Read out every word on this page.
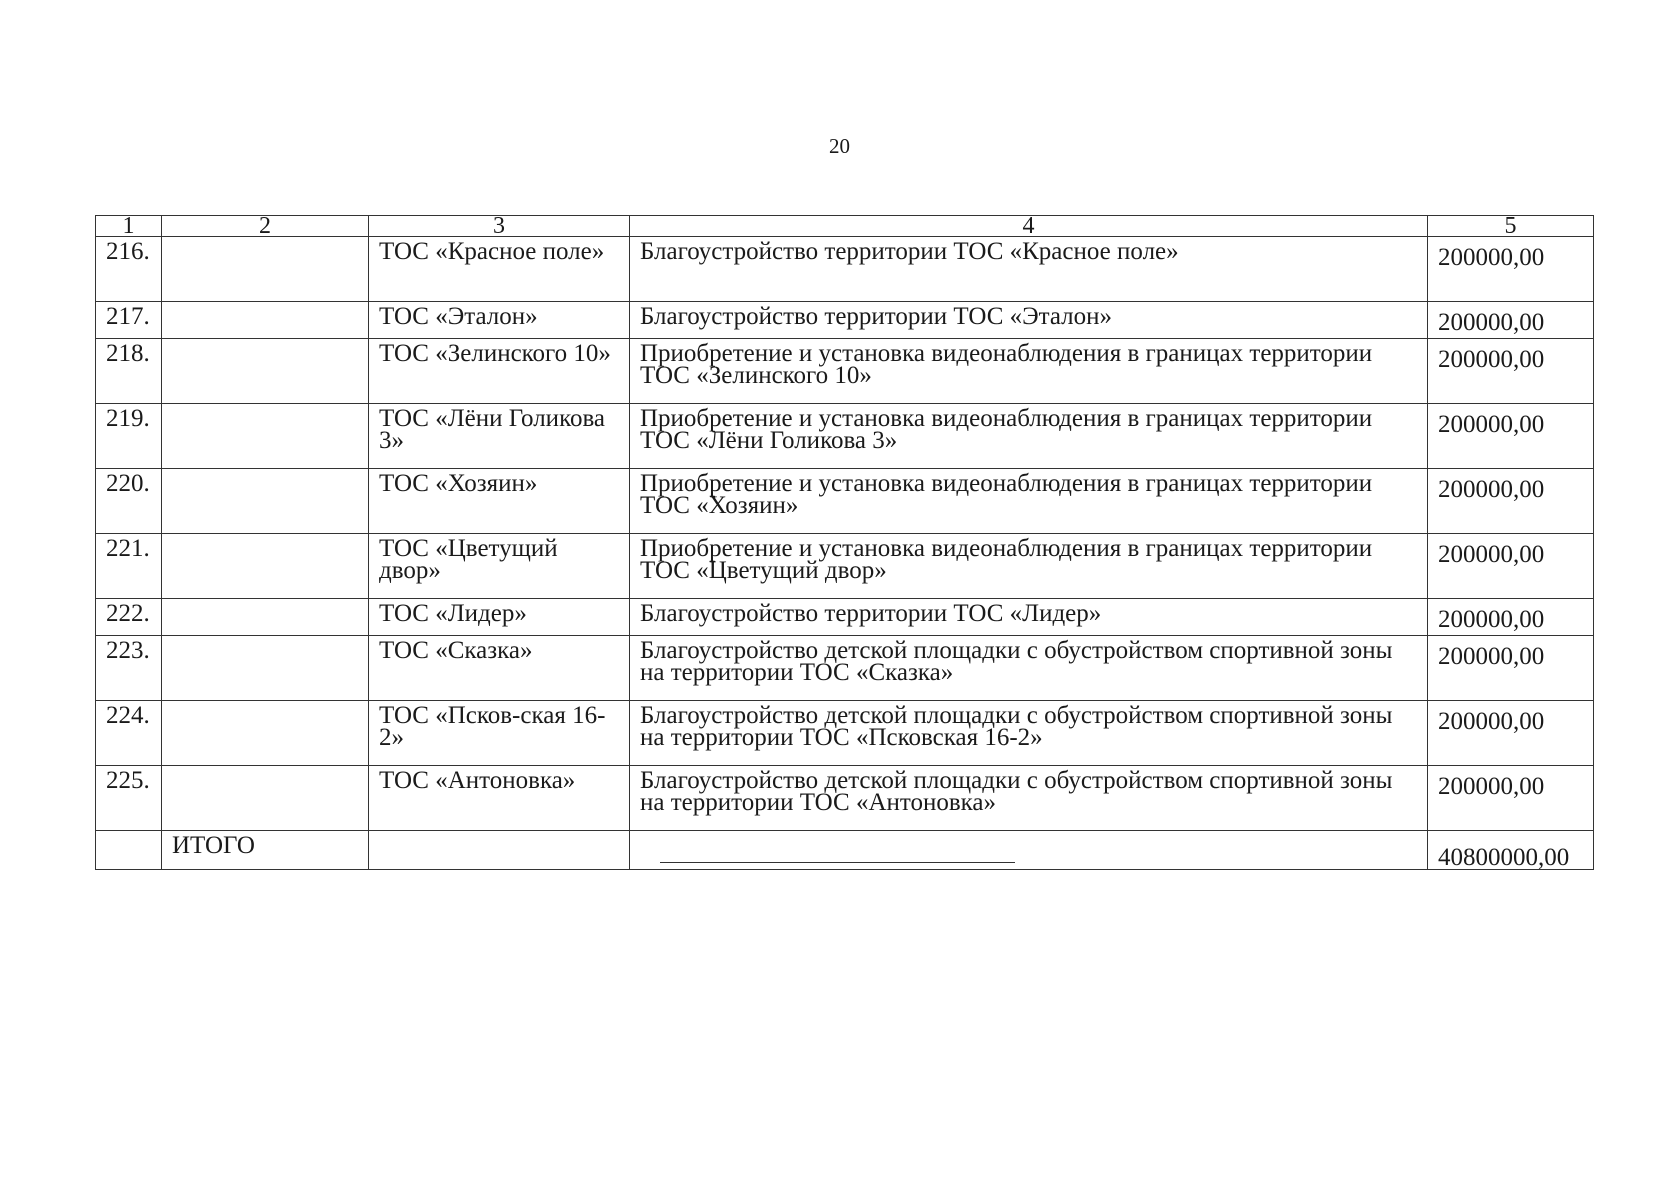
20
1	2	3	4	5
216.		ТОС «Красное поле»	Благоустройство территории ТОС «Красное поле»	200000,00
217.		ТОС «Эталон»	Благоустройство территории ТОС «Эталон»	200000,00
218.		ТОС «Зелинского 10»	Приобретение и установка видеонаблюдения в границах территории ТОС «Зелинского 10»	200000,00
219.		ТОС «Лёни Голикова 3»	Приобретение и установка видеонаблюдения в границах территории ТОС «Лёни Голикова 3»	200000,00
220.		ТОС «Хозяин»	Приобретение и установка видеонаблюдения в границах территории ТОС «Хозяин»	200000,00
221.		ТОС «Цветущий двор»	Приобретение и установка видеонаблюдения в границах территории ТОС «Цветущий двор»	200000,00
222.		ТОС «Лидер»	Благоустройство территории ТОС «Лидер»	200000,00
223.		ТОС «Сказка»	Благоустройство детской площадки с обустройством спортивной зоны на территории ТОС «Сказка»	200000,00
224.		ТОС «Псков-ская 16-2»	Благоустройство детской площадки с обустройством спортивной зоны на территории ТОС «Псковская 16-2»	200000,00
225.		ТОС «Антоновка»	Благоустройство детской площадки с обустройством спортивной зоны на территории ТОС «Антоновка»	200000,00
	ИТОГО			40800000,00
